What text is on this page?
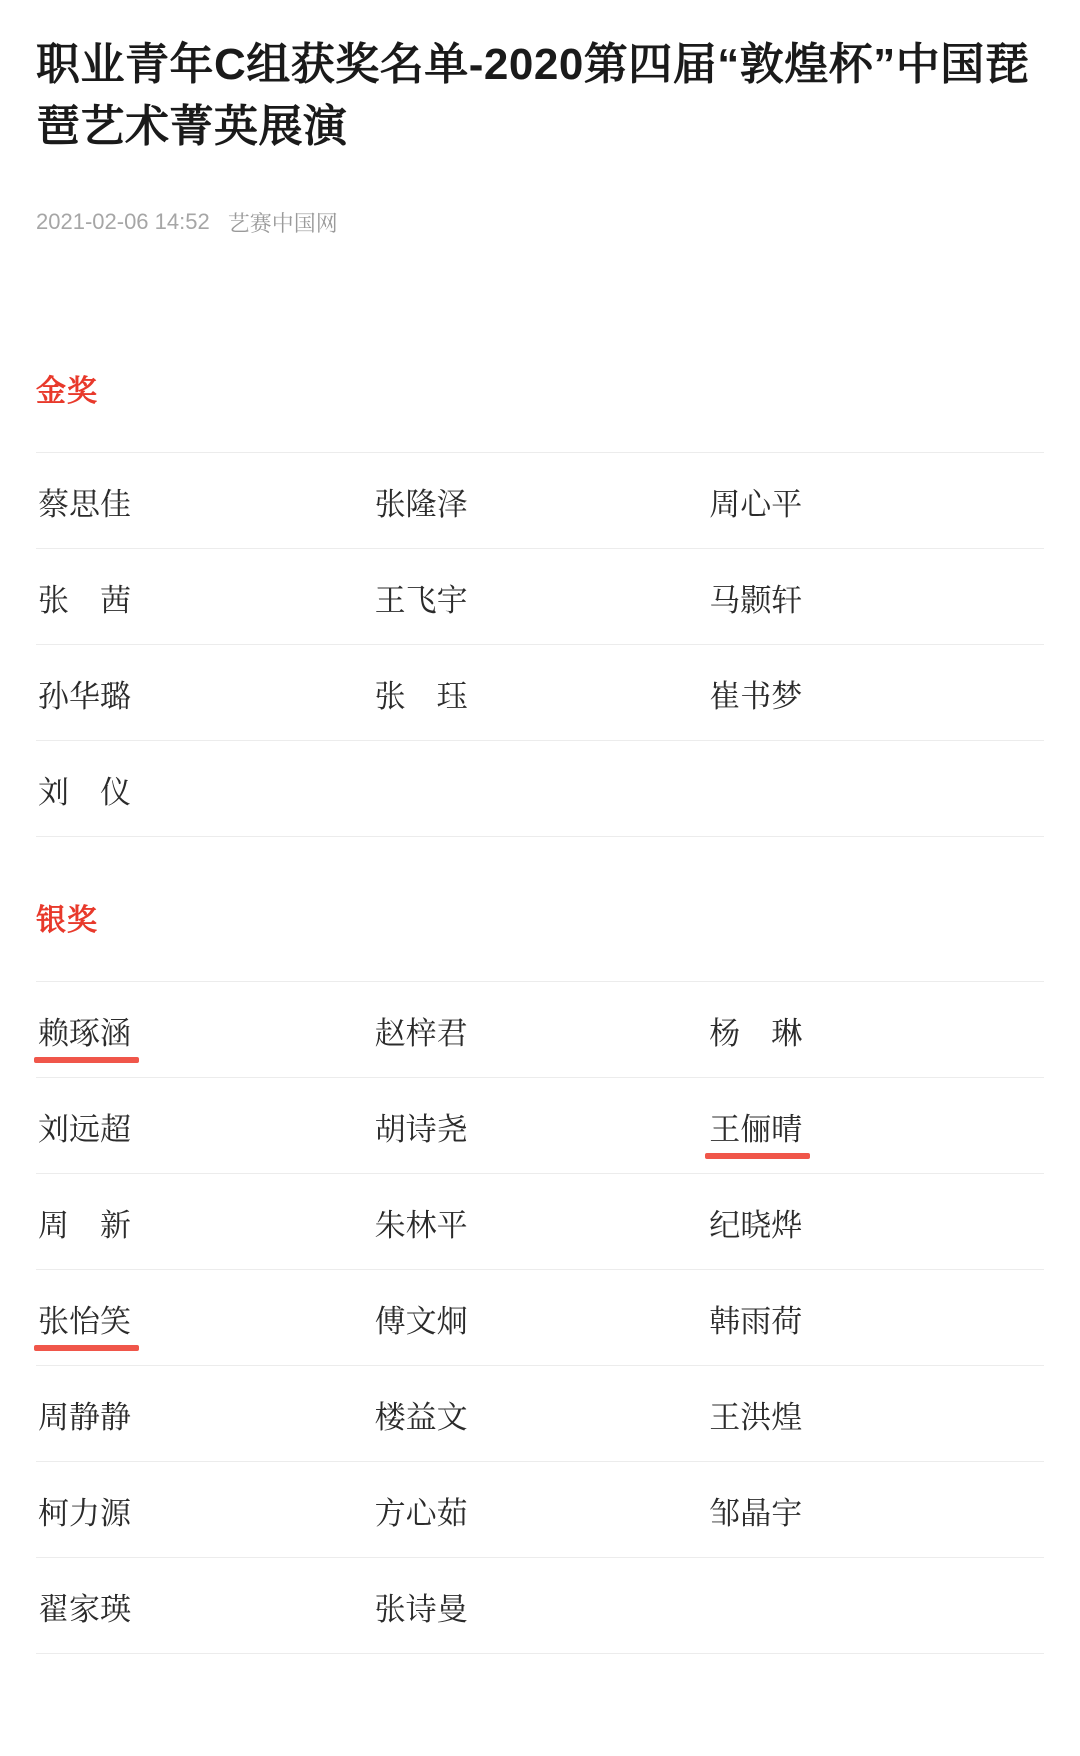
职业青年C组获奖名单-2020第四届“敦煌杯”中国琵琶艺术菁英展演
2021-02-06 14:52 艺赛中国网
金奖
蔡思佳	张隆泽	周心平
张　茜	王飞宇	马颢轩
孙华璐	张　珏	崔书梦
刘　仪		
银奖
赖琢涵	赵梓君	杨　琳
刘远超	胡诗尧	王俪晴
周　新	朱林平	纪晓烨
张怡笑	傅文炯	韩雨荷
周静静	楼益文	王洪煌
柯力源	方心茹	邹晶宇
翟家瑛	张诗曼	
